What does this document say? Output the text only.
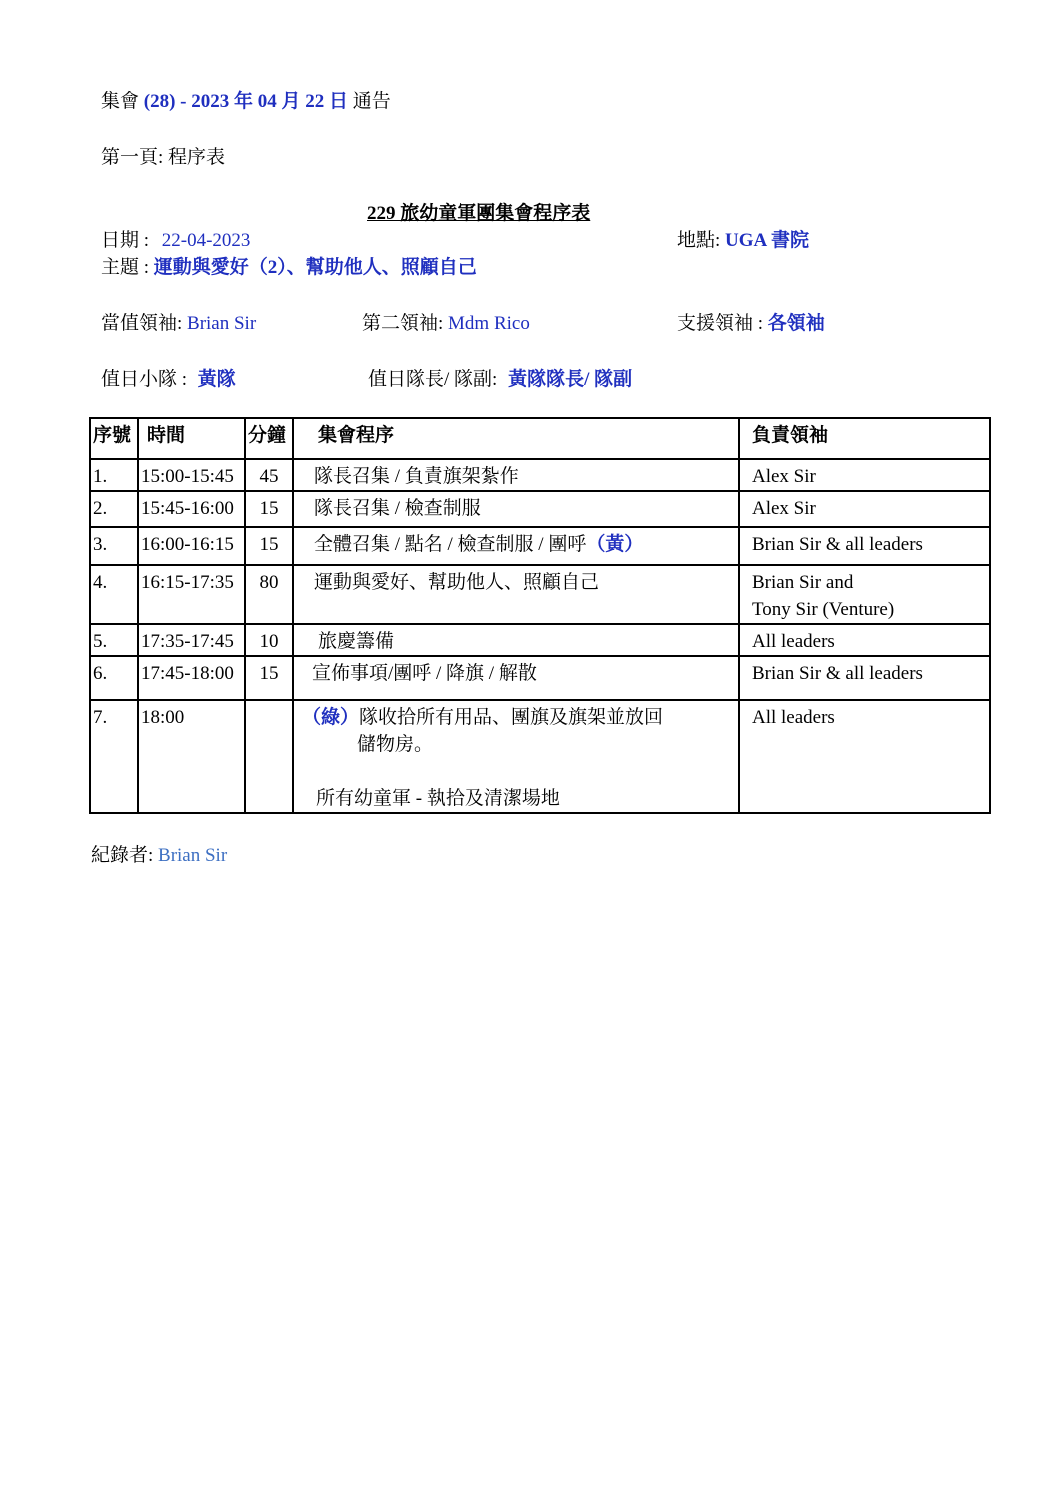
集會 (28) - 2023 年 04 月 22 日 通告
第一頁: 程序表
229 旅幼童軍團集會程序表
日期 : 22-04-2023	地點: UGA 書院
主題 : 運動與愛好（2）、幫助他人、照顧自己
當值領袖: Brian Sir	第二領袖: Mdm Rico	支援領袖 : 各領袖
值日小隊 : 黃隊	值日隊長/ 隊副: 黃隊隊長/ 隊副
序號	時間	分鐘	集會程序	負責領袖
1.	15:00-15:45	45	隊長召集 / 負責旗架紮作	Alex Sir
2.	15:45-16:00	15	隊長召集 / 檢查制服	Alex Sir
3.	16:00-16:15	15	全體召集 / 點名 / 檢查制服 / 團呼（黃）	Brian Sir & all leaders
4.	16:15-17:35	80	運動與愛好、幫助他人、照顧自己	Brian Sir and
Tony Sir (Venture)

5.	17:35-17:45	10	旅慶籌備	All leaders
6.	17:45-18:00	15	宣佈事項/團呼 / 降旗 / 解散	Brian Sir & all leaders
7.	18:00		（綠）隊收拾所有用品、團旗及旗架並放回
儲物房。
所有幼童軍 - 執拾及清潔場地	All leaders
紀錄者: Brian Sir
